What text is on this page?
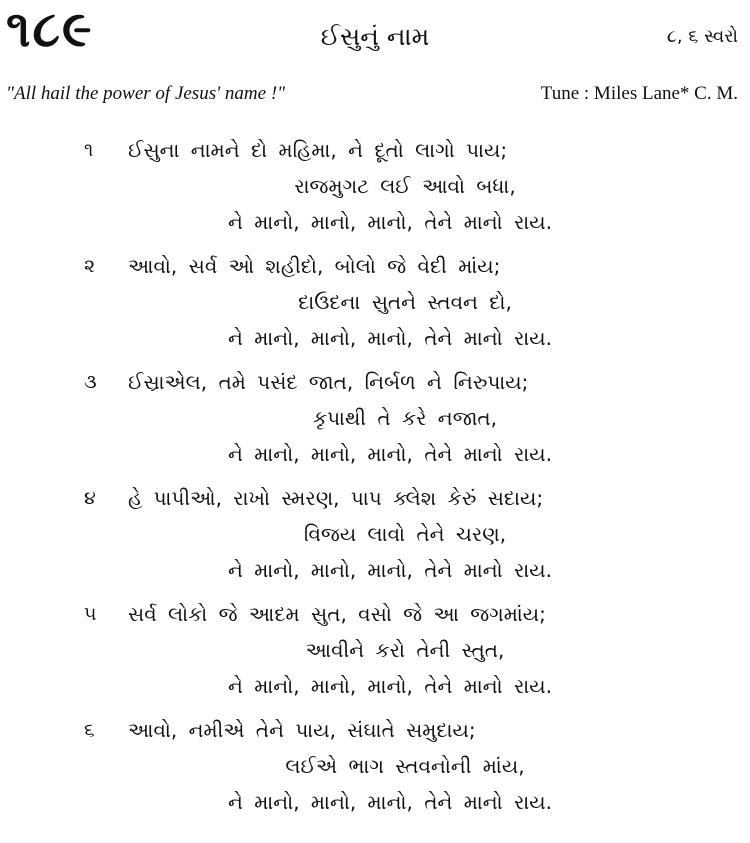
૧૮૯	ઈસુનું નામ	૮, ૬ સ્વરો
"All hail the power of Jesus' name !"	Tune : Miles Lane* C. M.
૧	ઈસુના નામને દો મહિમા, ને દૂતો લાગો પાય;
રાજમુગટ લઈ આવો બધા,
ને માનો, માનો, માનો, તેને માનો રાય.
૨	આવો, સર્વ ઓ શહીદો, બોલો જે વેદી માંય;
દાઉદના સુતને સ્તવન દો,
ને માનો, માનો, માનો, તેને માનો રાય.
૩	ઈસ્રાએલ, તમે પસંદ જાત, નિર્બળ ને નિરુપાય;
કૃપાથી તે કરે નજાત,
ને માનો, માનો, માનો, તેને માનો રાય.
૪	હે પાપીઓ, રાખો સ્મરણ, પાપ ક્લેશ કેરું સદાય;
વિજય લાવો તેને ચરણ,
ને માનો, માનો, માનો, તેને માનો રાય.
૫	સર્વ લોકો જે આદમ સુત, વસો જે આ જગમાંય;
આવીને કરો તેની સ્તુત,
ને માનો, માનો, માનો, તેને માનો રાય.
૬	આવો, નમીએ તેને પાય, સંઘાતે સમુદાય;
લઈએ ભાગ સ્તવનોની માંય,
ને માનો, માનો, માનો, તેને માનો રાય.
